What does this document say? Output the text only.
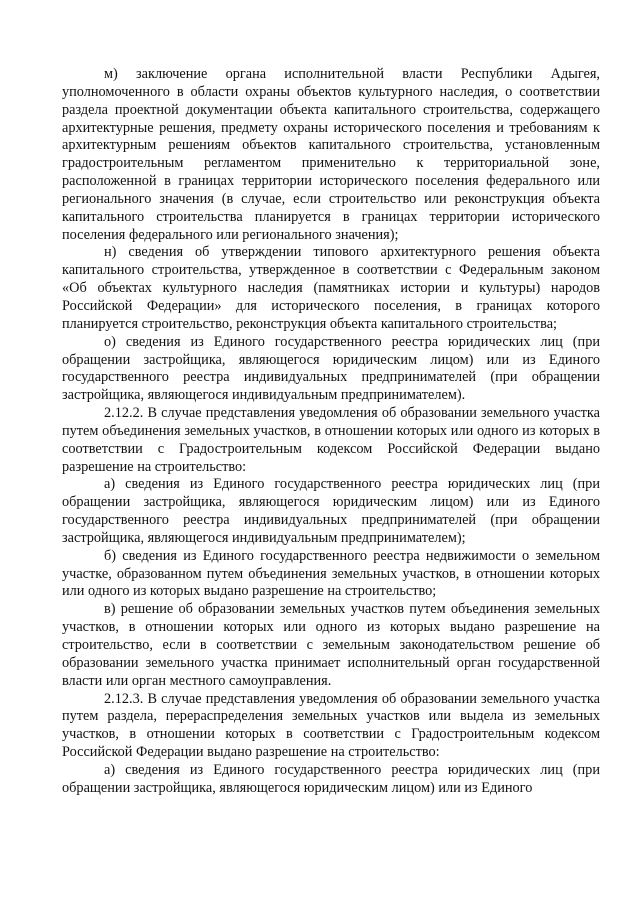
м) заключение органа исполнительной власти Республики Адыгея, уполномоченного в области охраны объектов культурного наследия, о соответствии раздела проектной документации объекта капитального строительства, содержащего архитектурные решения, предмету охраны исторического поселения и требованиям к архитектурным решениям объектов капитального строительства, установленным градостроительным регламентом применительно к территориальной зоне, расположенной в границах территории исторического поселения федерального или регионального значения (в случае, если строительство или реконструкция объекта капитального строительства планируется в границах территории исторического поселения федерального или регионального значения);

н) сведения об утверждении типового архитектурного решения объекта капитального строительства, утвержденное в соответствии с Федеральным законом «Об объектах культурного наследия (памятниках истории и культуры) народов Российской Федерации» для исторического поселения, в границах которого планируется строительство, реконструкция объекта капитального строительства;

о) сведения из Единого государственного реестра юридических лиц (при обращении застройщика, являющегося юридическим лицом) или из Единого государственного реестра индивидуальных предпринимателей (при обращении застройщика, являющегося индивидуальным предпринимателем).

2.12.2. В случае представления уведомления об образовании земельного участка путем объединения земельных участков, в отношении которых или одного из которых в соответствии с Градостроительным кодексом Российской Федерации выдано разрешение на строительство:

а) сведения из Единого государственного реестра юридических лиц (при обращении застройщика, являющегося юридическим лицом) или из Единого государственного реестра индивидуальных предпринимателей (при обращении застройщика, являющегося индивидуальным предпринимателем);

б) сведения из Единого государственного реестра недвижимости о земельном участке, образованном путем объединения земельных участков, в отношении которых или одного из которых выдано разрешение на строительство;

в) решение об образовании земельных участков путем объединения земельных участков, в отношении которых или одного из которых выдано разрешение на строительство, если в соответствии с земельным законодательством решение об образовании земельного участка принимает исполнительный орган государственной власти или орган местного самоуправления.

2.12.3. В случае представления уведомления об образовании земельного участка путем раздела, перераспределения земельных участков или выдела из земельных участков, в отношении которых в соответствии с Градостроительным кодексом Российской Федерации выдано разрешение на строительство:

а) сведения из Единого государственного реестра юридических лиц (при обращении застройщика, являющегося юридическим лицом) или из Единого
